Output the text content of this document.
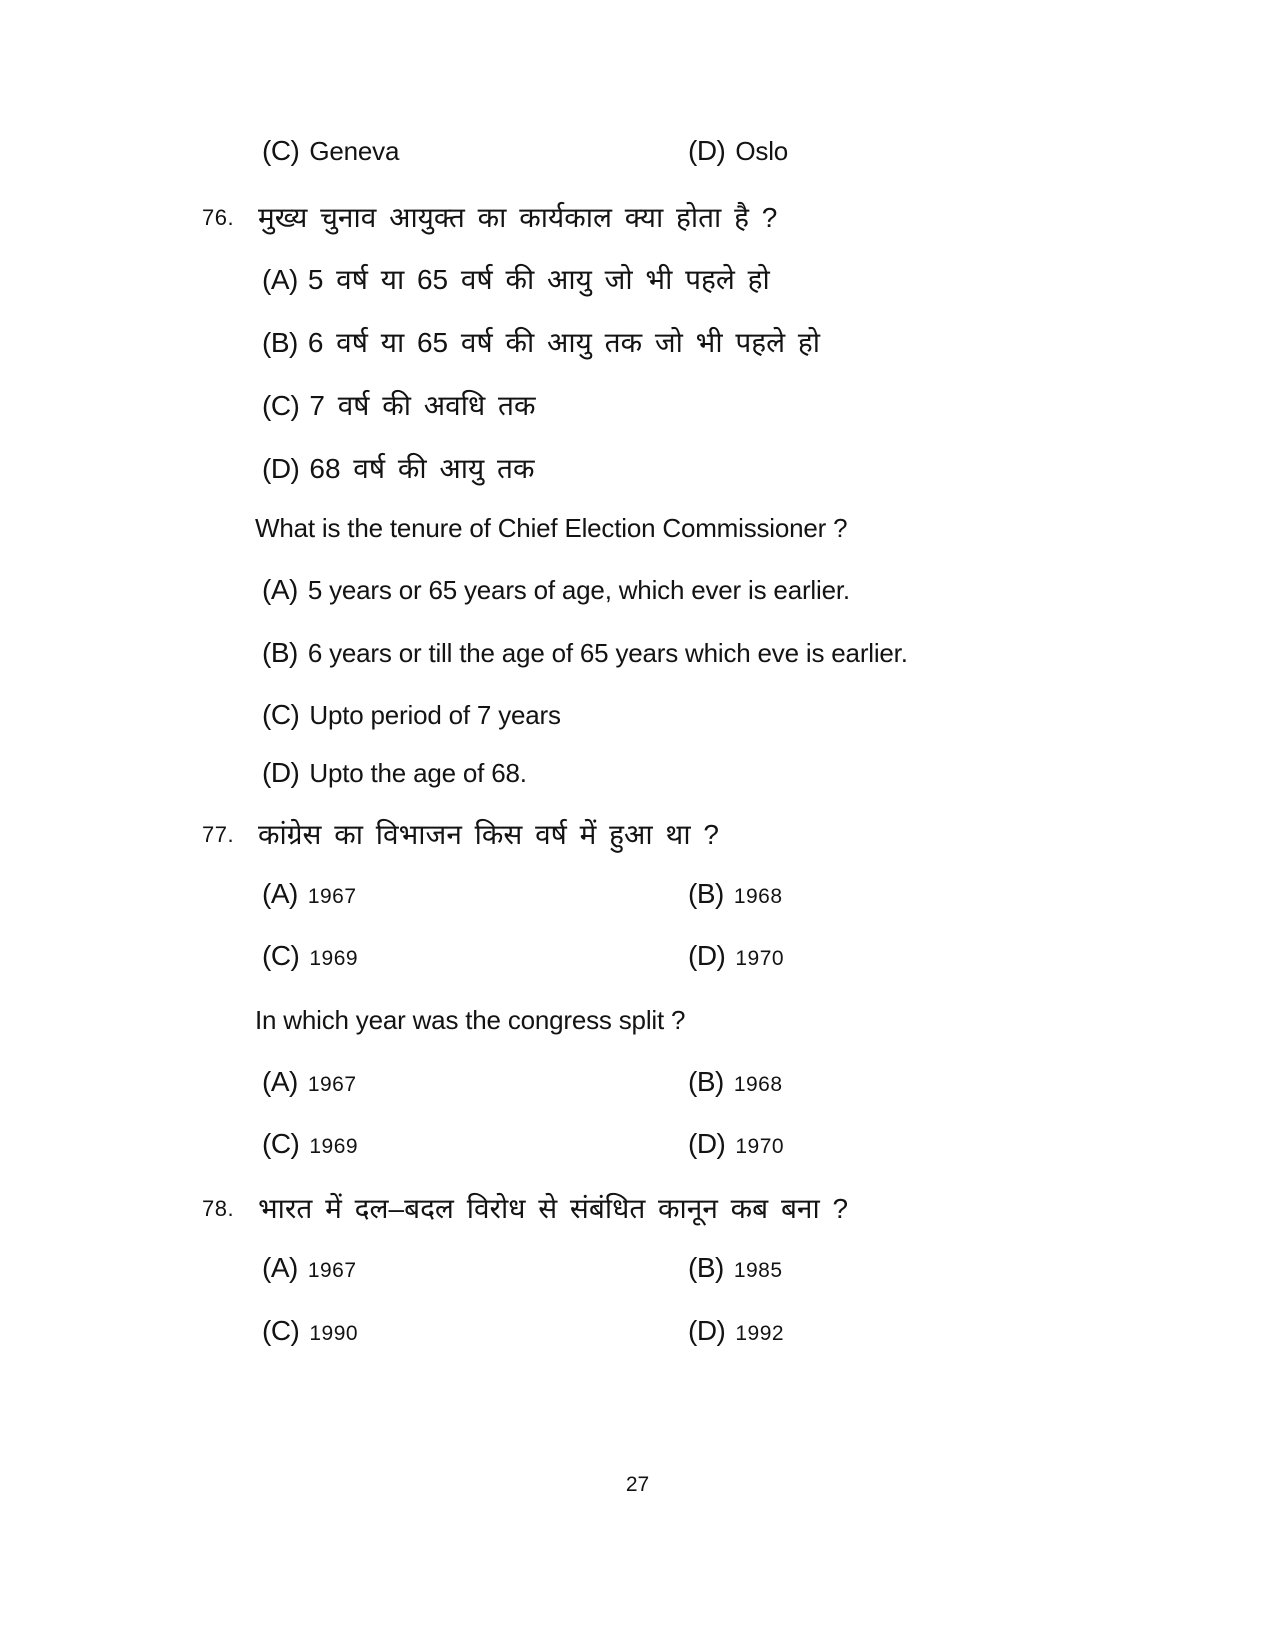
(C) Geneva	(D) Oslo
76. मुख्य चुनाव आयुक्त का कार्यकाल क्या होता है ?
(A) 5 वर्ष या 65 वर्ष की आयु जो भी पहले हो
(B) 6 वर्ष या 65 वर्ष की आयु तक जो भी पहले हो
(C) 7 वर्ष की अवधि तक
(D) 68 वर्ष की आयु तक
What is the tenure of Chief Election Commissioner ?
(A) 5 years or 65 years of age, which ever is earlier.
(B) 6 years or till the age of 65 years which eve is earlier.
(C) Upto period of 7 years
(D) Upto the age of 68.
77. कांग्रेस का विभाजन किस वर्ष में हुआ था ?
(A) 1967	(B) 1968
(C) 1969	(D) 1970
In which year was the congress split ?
(A) 1967	(B) 1968
(C) 1969	(D) 1970
78. भारत में दल–बदल विरोध से संबंधित कानून कब बना ?
(A) 1967	(B) 1985
(C) 1990	(D) 1992
27
